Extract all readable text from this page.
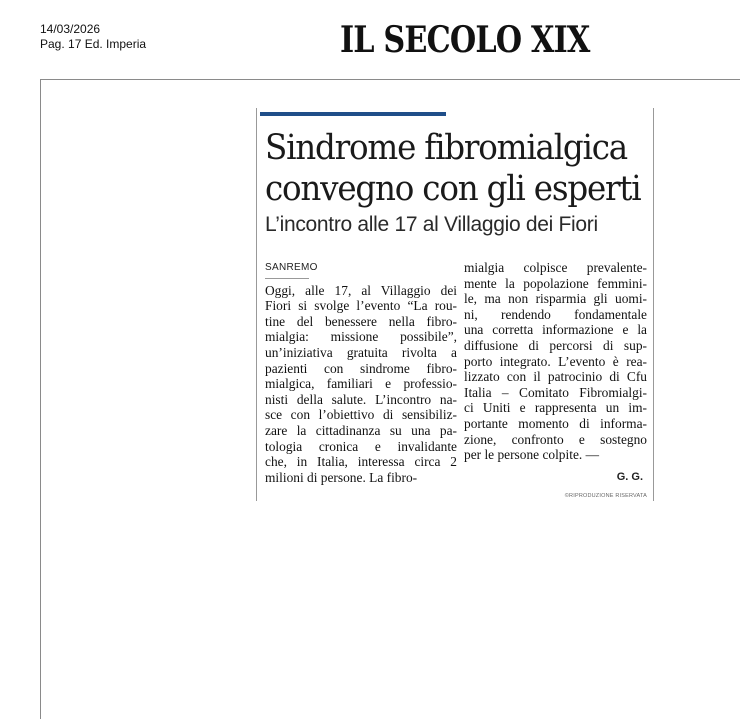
14/03/2026
Pag. 17 Ed. Imperia	IL SECOLO XIX
Sindrome fibromialgica
convegno con gli esperti
L’incontro alle 17 al Villaggio dei Fiori
SANREMO
Oggi, alle 17, al Villaggio dei
Fiori si svolge l’evento “La rou-
tine del benessere nella fibro-
mialgia: missione possibile”,
un’iniziativa gratuita rivolta a
pazienti con sindrome fibro-
mialgica, familiari e professio-
nisti della salute. L’incontro na-
sce con l’obiettivo di sensibiliz-
zare la cittadinanza su una pa-
tologia cronica e invalidante
che, in Italia, interessa circa 2
milioni di persone. La fibro-
mialgia colpisce prevalente-
mente la popolazione femmini-
le, ma non risparmia gli uomi-
ni, rendendo fondamentale
una corretta informazione e la
diffusione di percorsi di sup-
porto integrato. L’evento è rea-
lizzato con il patrocinio di Cfu
Italia – Comitato Fibromialgi-
ci Uniti e rappresenta un im-
portante momento di informa-
zione, confronto e sostegno
per le persone colpite. —
G. G.
©RIPRODUZIONE RISERVATA
